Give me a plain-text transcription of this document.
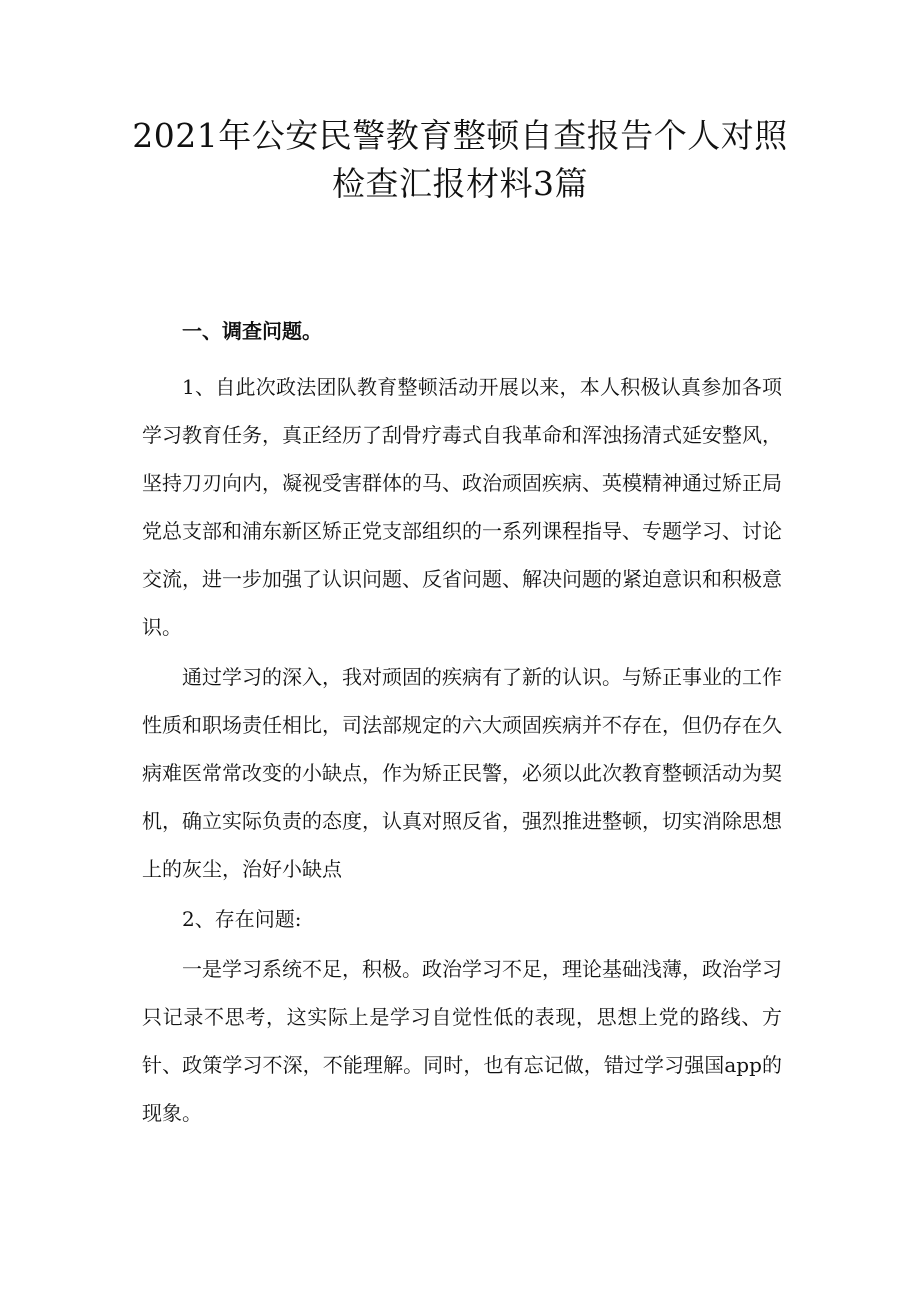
2021年公安民警教育整顿自查报告个人对照检查汇报材料3篇

一、调查问题。

1、自此次政法团队教育整顿活动开展以来，本人积极认真参加各项学习教育任务，真正经历了刮骨疗毒式自我革命和浑浊扬清式延安整风，坚持刀刃向内，凝视受害群体的马、政治顽固疾病、英模精神通过矫正局党总支部和浦东新区矫正党支部组织的一系列课程指导、专题学习、讨论交流，进一步加强了认识问题、反省问题、解决问题的紧迫意识和积极意识。

通过学习的深入，我对顽固的疾病有了新的认识。与矫正事业的工作性质和职场责任相比，司法部规定的六大顽固疾病并不存在，但仍存在久病难医常常改变的小缺点，作为矫正民警，必须以此次教育整顿活动为契机，确立实际负责的态度，认真对照反省，强烈推进整顿，切实消除思想上的灰尘，治好小缺点

2、存在问题:

一是学习系统不足，积极。政治学习不足，理论基础浅薄，政治学习只记录不思考，这实际上是学习自觉性低的表现，思想上党的路线、方针、政策学习不深，不能理解。同时，也有忘记做，错过学习强国app的现象。
